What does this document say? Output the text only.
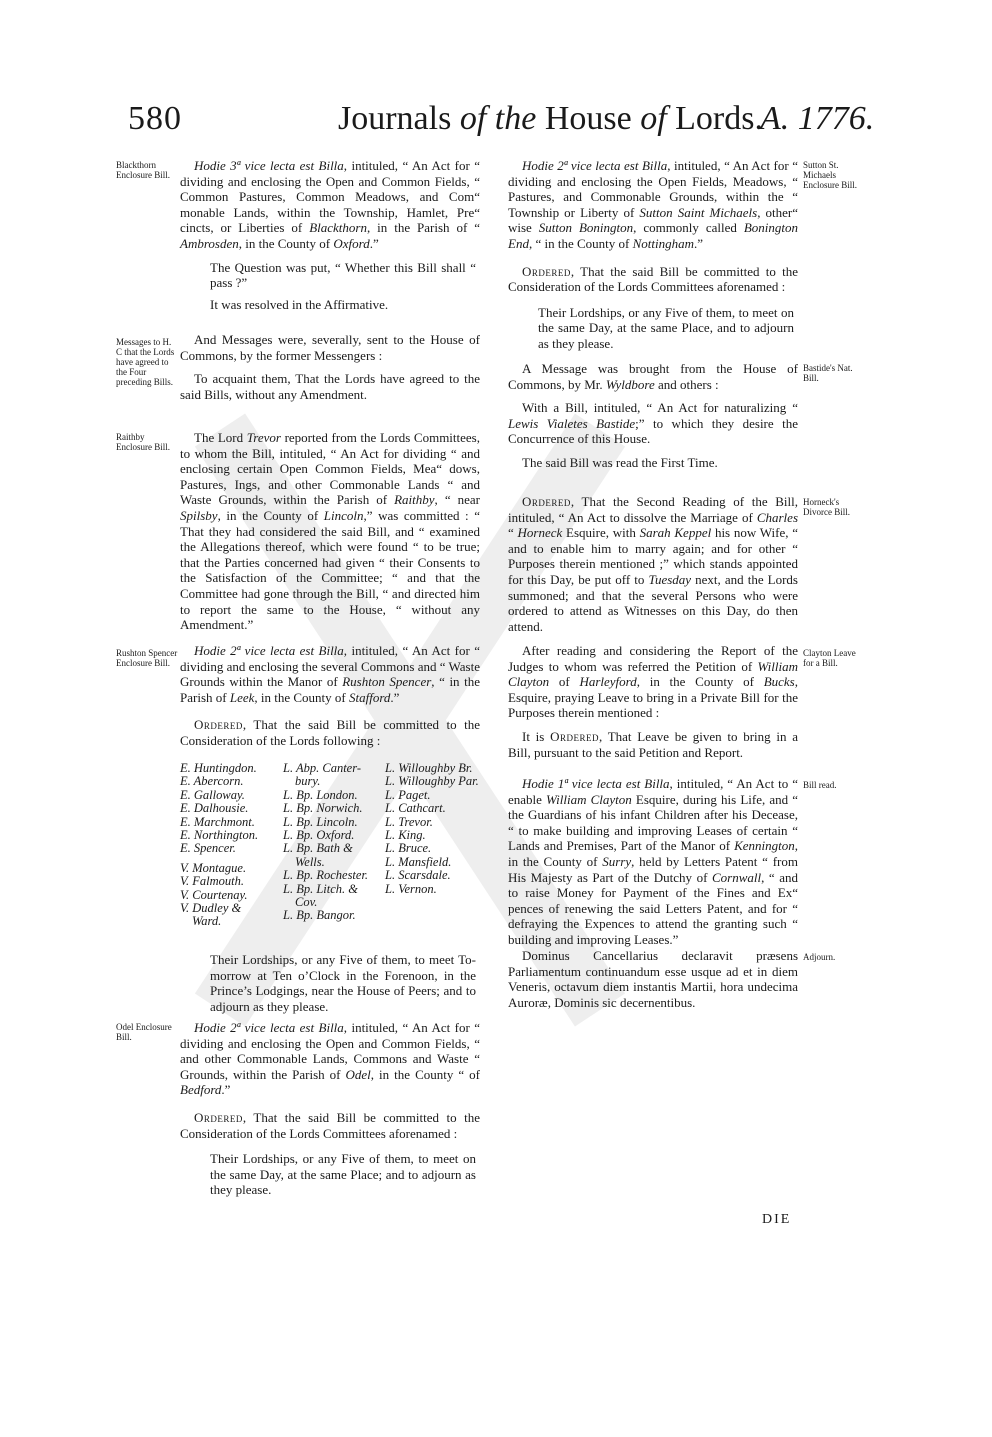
580	Journals of the House of Lords.
A. 1776.
Blackthorn Enclosure Bill.
Messages to H. C that the Lords have agreed to the Four preceding Bills.
Raithby Enclosure Bill.
Rushton Spencer Enclosure Bill.
Odel Enclosure Bill.
Sutton St. Michaels Enclosure Bill.
Bastide's Nat. Bill.
Horneck's Divorce Bill.
Clayton Leave for a Bill.
Bill read.
Adjourn.

Hodie 3ª vice lecta est Billa, intituled, “ An Act for “ dividing and enclosing the Open and Common Fields, “ Common Pastures, Common Meadows, and Com“ monable Lands, within the Township, Hamlet, Pre“ cincts, or Liberties of Blackthorn, in the Parish of “ Ambrosden, in the County of Oxford.”

The Question was put, “ Whether this Bill shall “ pass ?”

It was resolved in the Affirmative.

And Messages were, severally, sent to the House of Commons, by the former Messengers :

To acquaint them, That the Lords have agreed to the said Bills, without any Amendment.

The Lord Trevor reported from the Lords Committees, to whom the Bill, intituled, “ An Act for dividing “ and enclosing certain Open Common Fields, Mea“ dows, Pastures, Ings, and other Commonable Lands “ and Waste Grounds, within the Parish of Raithby, “ near Spilsby, in the County of Lincoln,” was committed : “ That they had considered the said Bill, and “ examined the Allegations thereof, which were found “ to be true; that the Parties concerned had given “ their Consents to the Satisfaction of the Committee; “ and that the Committee had gone through the Bill, “ and directed him to report the same to the House, “ without any Amendment.”

Hodie 2ª vice lecta est Billa, intituled, “ An Act for “ dividing and enclosing the several Commons and “ Waste Grounds within the Manor of Rushton Spencer, “ in the Parish of Leek, in the County of Stafford.”

Ordered, That the said Bill be committed to the Consideration of the Lords following :

E. Huntingdon.
E. Abercorn.
E. Galloway.
E. Dalhousie.
E. Marchmont.
E. Northington.
E. Spencer.
V. Montague.
V. Falmouth.
V. Courtenay.
V. Dudley &
Ward.
L. Abp. Canter-
bury.
L. Bp. London.
L. Bp. Norwich.
L. Bp. Lincoln.
L. Bp. Oxford.
L. Bp. Bath &
Wells.
L. Bp. Rochester.
L. Bp. Litch. &
Cov.
L. Bp. Bangor.
L. Willoughby Br.
L. Willoughby Par.
L. Paget.
L. Cathcart.
L. Trevor.
L. King.
L. Bruce.
L. Mansfield.
L. Scarsdale.
L. Vernon.

Their Lordships, or any Five of them, to meet To-morrow at Ten o’Clock in the Forenoon, in the Prince’s Lodgings, near the House of Peers; and to adjourn as they please.

Hodie 2ª vice lecta est Billa, intituled, “ An Act for “ dividing and enclosing the Open and Common Fields, “ and other Commonable Lands, Commons and Waste “ Grounds, within the Parish of Odel, in the County “ of Bedford.”

Ordered, That the said Bill be committed to the Consideration of the Lords Committees aforenamed :

Their Lordships, or any Five of them, to meet on the same Day, at the same Place; and to adjourn as they please.

Hodie 2ª vice lecta est Billa, intituled, “ An Act for “ dividing and enclosing the Open Fields, Meadows, “ Pastures, and Commonable Grounds, within the “ Township or Liberty of Sutton Saint Michaels, other“ wise Sutton Bonington, commonly called Bonington End, “ in the County of Nottingham.”

Ordered, That the said Bill be committed to the Consideration of the Lords Committees aforenamed :

Their Lordships, or any Five of them, to meet on the same Day, at the same Place, and to adjourn as they please.

A Message was brought from the House of Commons, by Mr. Wyldbore and others :

With a Bill, intituled, “ An Act for naturalizing “ Lewis Vialetes Bastide;” to which they desire the Concurrence of this House.

The said Bill was read the First Time.

Ordered, That the Second Reading of the Bill, intituled, “ An Act to dissolve the Marriage of Charles “ Horneck Esquire, with Sarah Keppel his now Wife, “ and to enable him to marry again; and for other “ Purposes therein mentioned ;” which stands appointed for this Day, be put off to Tuesday next, and the Lords summoned; and that the several Persons who were ordered to attend as Witnesses on this Day, do then attend.

After reading and considering the Report of the Judges to whom was referred the Petition of William Clayton of Harleyford, in the County of Bucks, Esquire, praying Leave to bring in a Private Bill for the Purposes therein mentioned :

It is Ordered, That Leave be given to bring in a Bill, pursuant to the said Petition and Report.

Hodie 1ª vice lecta est Billa, intituled, “ An Act to “ enable William Clayton Esquire, during his Life, and “ the Guardians of his infant Children after his Decease, “ to make building and improving Leases of certain “ Lands and Premises, Part of the Manor of Kennington, in the County of Surry, held by Letters Patent “ from His Majesty as Part of the Dutchy of Cornwall, “ and to raise Money for Payment of the Fines and Ex“ pences of renewing the said Letters Patent, and for “ defraying the Expences to attend the granting such “ building and improving Leases.”

Dominus Cancellarius declaravit præsens Parliamentum continuandum esse usque ad et in diem Veneris, octavum diem instantis Martii, hora undecima Auroræ, Dominis sic decernentibus.

DIE
